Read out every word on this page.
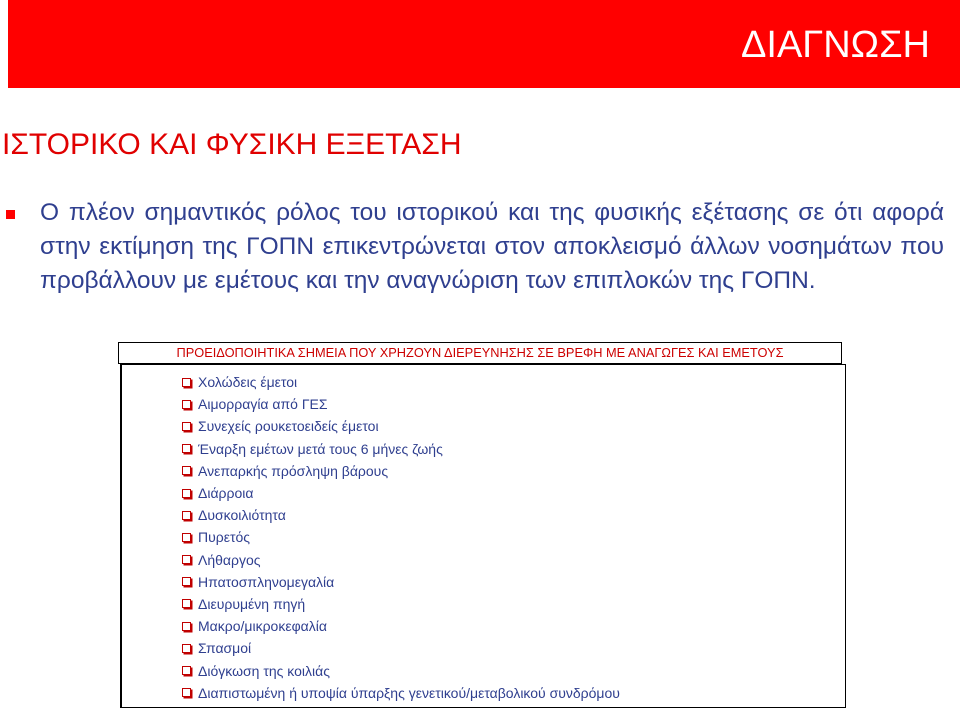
ΔΙΑΓΝΩΣΗ
ΙΣΤΟΡΙΚΟ ΚΑΙ ΦΥΣΙΚΗ ΕΞΕΤΑΣΗ
Ο πλέον σημαντικός ρόλος του ιστορικού και της φυσικής εξέτασης σε ότι αφορά στην εκτίμηση της ΓΟΠΝ επικεντρώνεται στον αποκλεισμό άλλων νοσημάτων που προβάλλουν με εμέτους και την αναγνώριση των επιπλοκών της ΓΟΠΝ.
ΠΡΟΕΙΔΟΠΟΙΗΤΙΚΑ ΣΗΜΕΙΑ ΠΟΥ ΧΡΗΖΟΥΝ ΔΙΕΡΕΥΝΗΣΗΣ ΣΕ ΒΡΕΦΗ ΜΕ ΑΝΑΓΩΓΕΣ ΚΑΙ ΕΜΕΤΟΥΣ
Χολώδεις έμετοι
Αιμορραγία από ΓΕΣ
Συνεχείς ρουκετοειδείς έμετοι
Έναρξη εμέτων μετά τους 6 μήνες ζωής
Ανεπαρκής πρόσληψη βάρους
Διάρροια
Δυσκοιλιότητα
Πυρετός
Λήθαργος
Ηπατοσπληνομεγαλία
Διευρυμένη πηγή
Μακρο/μικροκεφαλία
Σπασμοί
Διόγκωση της κοιλιάς
Διαπιστωμένη ή υποψία ύπαρξης γενετικού/μεταβολικού συνδρόμου
